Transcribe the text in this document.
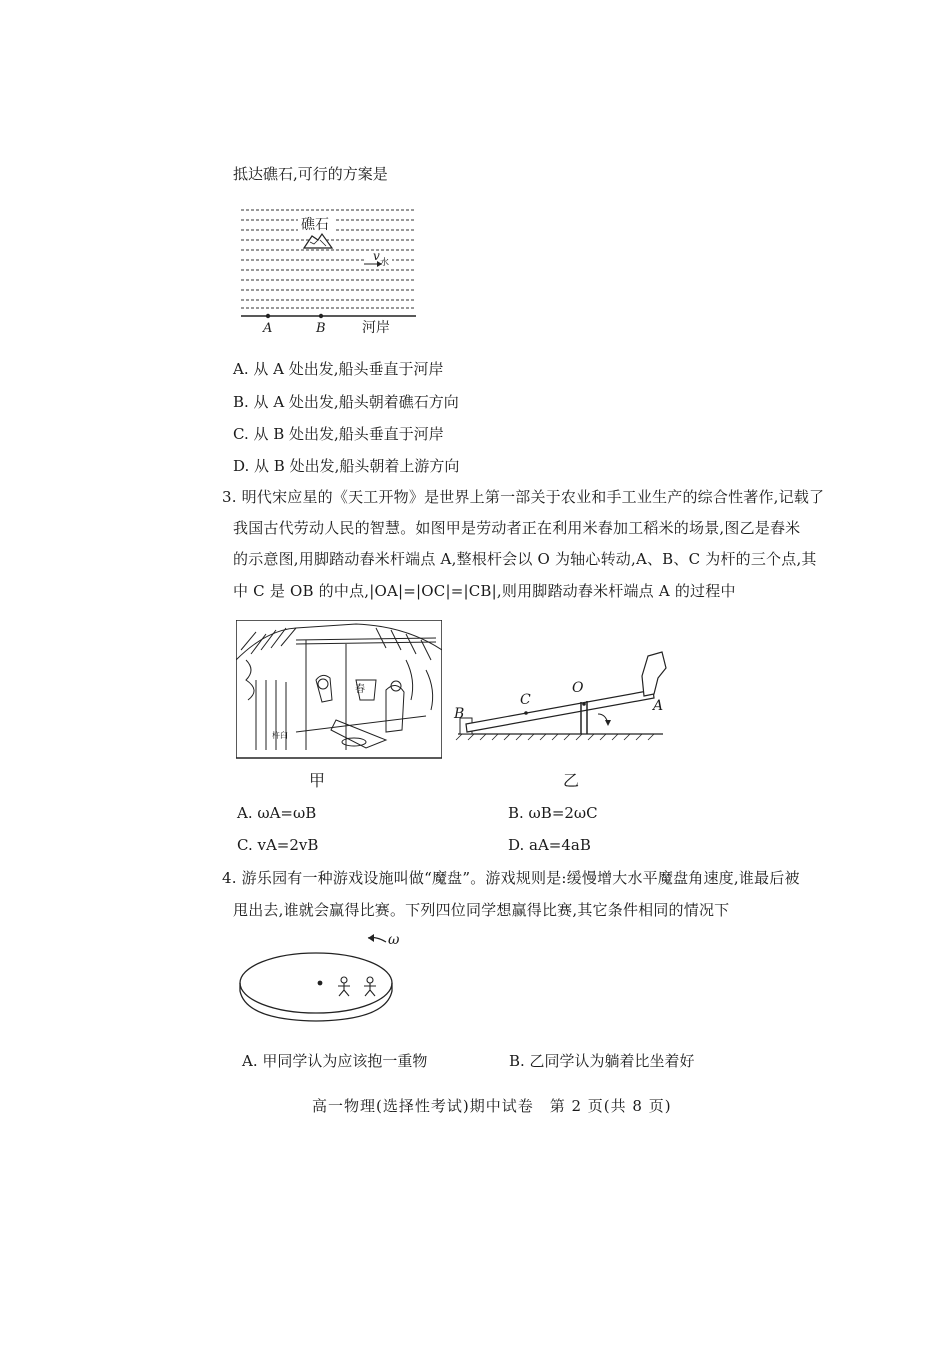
抵达礁石,可行的方案是
礁石
v 水
A	B	河岸
A. 从 A 处出发,船头垂直于河岸
B. 从 A 处出发,船头朝着礁石方向
C. 从 B 处出发,船头垂直于河岸
D. 从 B 处出发,船头朝着上游方向
3. 明代宋应星的《天工开物》是世界上第一部关于农业和手工业生产的综合性著作,记载了
我国古代劳动人民的智慧。如图甲是劳动者正在利用米舂加工稻米的场景,图乙是舂米
的示意图,用脚踏动舂米杆端点 A,整根杆会以 O 为轴心转动,A、B、C 为杆的三个点,其
中 C 是 OB 的中点,|OA|=|OC|=|CB|,则用脚踏动舂米杆端点 A 的过程中
舂
杵臼
甲
B
C
O
A
乙
A. ωA=ωB	B. ωB=2ωC
C. vA=2vB	D. aA=4aB
4. 游乐园有一种游戏设施叫做“魔盘”。游戏规则是:缓慢增大水平魔盘角速度,谁最后被
甩出去,谁就会赢得比赛。下列四位同学想赢得比赛,其它条件相同的情况下
ω
A. 甲同学认为应该抱一重物	B. 乙同学认为躺着比坐着好
高一物理(选择性考试)期中试卷　第 2 页(共 8 页)
